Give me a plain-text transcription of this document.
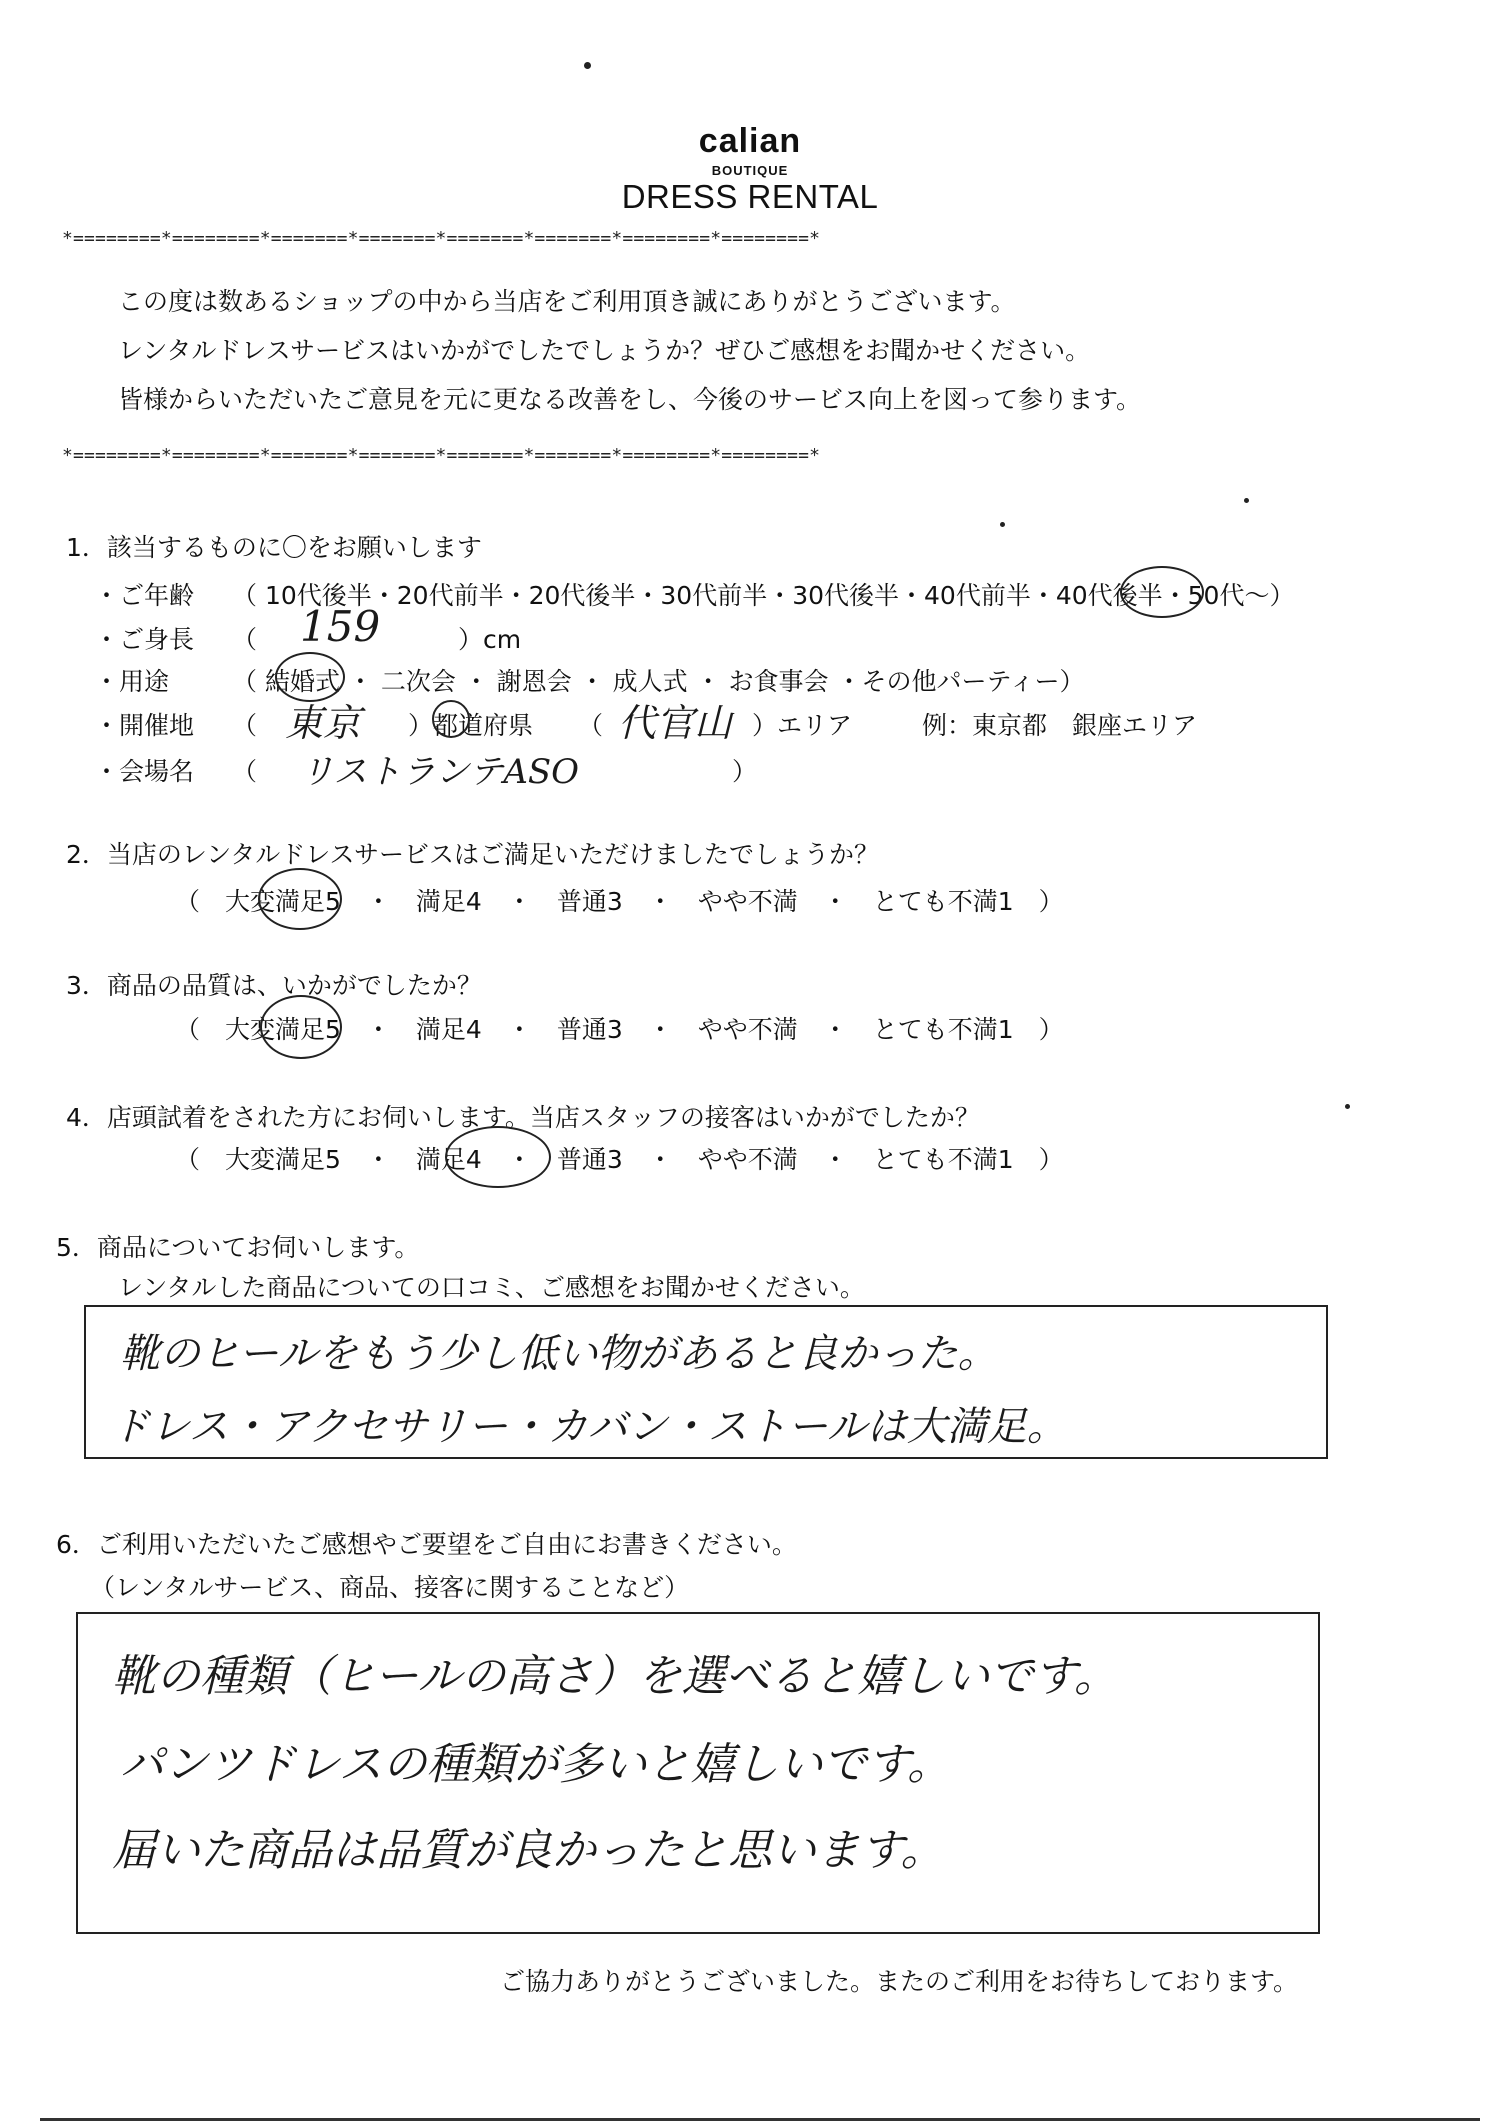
calian
BOUTIQUE
DRESS RENTAL
*========*========*=======*=======*=======*=======*========*========*
この度は数あるショップの中から当店をご利用頂き誠にありがとうございます。
レンタルドレスサービスはいかがでしたでしょうか？ぜひご感想をお聞かせください。
皆様からいただいたご意見を元に更なる改善をし、今後のサービス向上を図って参ります。
*========*========*=======*=======*=======*=======*========*========*
1．該当するものに〇をお願いします
・ご年齢 （ 10代後半・20代前半・20代後半・30代前半・30代後半・40代前半・40代後半・50代～）
・ご身長 （ 159	）cm
・用途	（ 結婚式 ・ 二次会 ・ 謝恩会 ・ 成人式 ・ お食事会 ・その他パーティー）
・開催地 （ 東京 ）都道府県 （ 代官山 ）エリア	例：東京都　銀座エリア
・会場名 （ リストランテASO	）
2．当店のレンタルドレスサービスはご満足いただけましたでしょうか？
（　大変満足5　・　満足4　・　普通3　・　やや不満　・　とても不満1　）
3．商品の品質は、いかがでしたか？
（　大変満足5　・　満足4　・　普通3　・　やや不満　・　とても不満1　）
4．店頭試着をされた方にお伺いします。当店スタッフの接客はいかがでしたか？
（　大変満足5　・　満足4　・　普通3　・　やや不満　・　とても不満1　）
5．商品についてお伺いします。
レンタルした商品についての口コミ、ご感想をお聞かせください。
靴のヒールをもう少し低い物があると良かった。
ドレス・アクセサリー・カバン・ストールは大満足。
6．ご利用いただいたご感想やご要望をご自由にお書きください。
（レンタルサービス、商品、接客に関することなど）
靴の種類（ヒールの高さ）を選べると嬉しいです。
パンツドレスの種類が多いと嬉しいです。
届いた商品は品質が良かったと思います。
ご協力ありがとうございました。またのご利用をお待ちしております。
